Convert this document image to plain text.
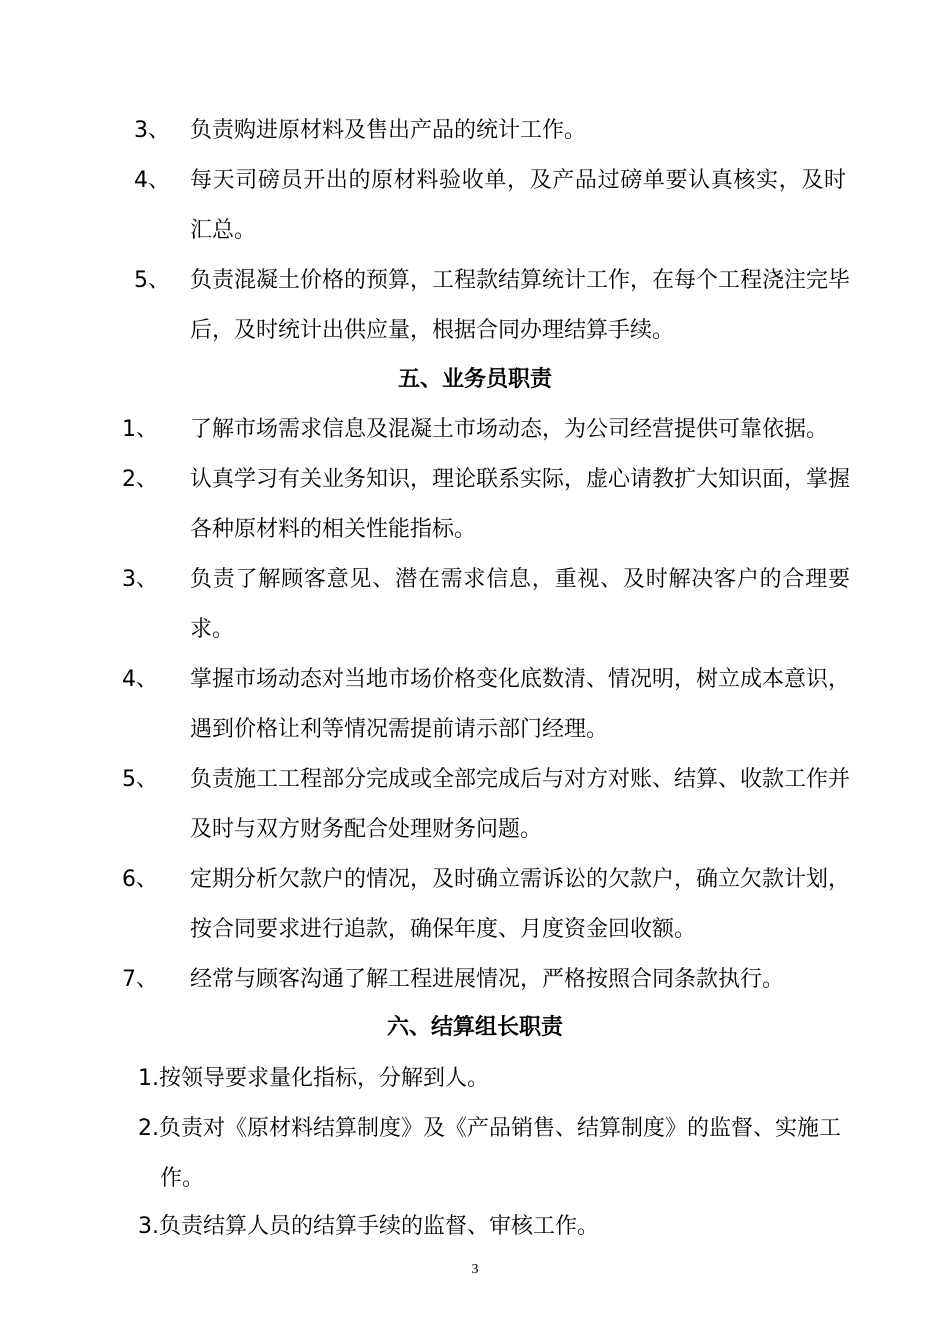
3、 负责购进原材料及售出产品的统计工作。
4、 每天司磅员开出的原材料验收单，及产品过磅单要认真核实，及时汇总。
5、 负责混凝土价格的预算，工程款结算统计工作，在每个工程浇注完毕后，及时统计出供应量，根据合同办理结算手续。
五、业务员职责
1、 了解市场需求信息及混凝土市场动态，为公司经营提供可靠依据。
2、 认真学习有关业务知识，理论联系实际，虚心请教扩大知识面，掌握各种原材料的相关性能指标。
3、 负责了解顾客意见、潜在需求信息，重视、及时解决客户的合理要求。
4、 掌握市场动态对当地市场价格变化底数清、情况明，树立成本意识，遇到价格让利等情况需提前请示部门经理。
5、 负责施工工程部分完成或全部完成后与对方对账、结算、收款工作并及时与双方财务配合处理财务问题。
6、 定期分析欠款户的情况，及时确立需诉讼的欠款户，确立欠款计划，按合同要求进行追款，确保年度、月度资金回收额。
7、 经常与顾客沟通了解工程进展情况，严格按照合同条款执行。
六、结算组长职责
1.按领导要求量化指标，分解到人。
2.负责对《原材料结算制度》及《产品销售、结算制度》的监督、实施工
作。
3.负责结算人员的结算手续的监督、审核工作。
3
